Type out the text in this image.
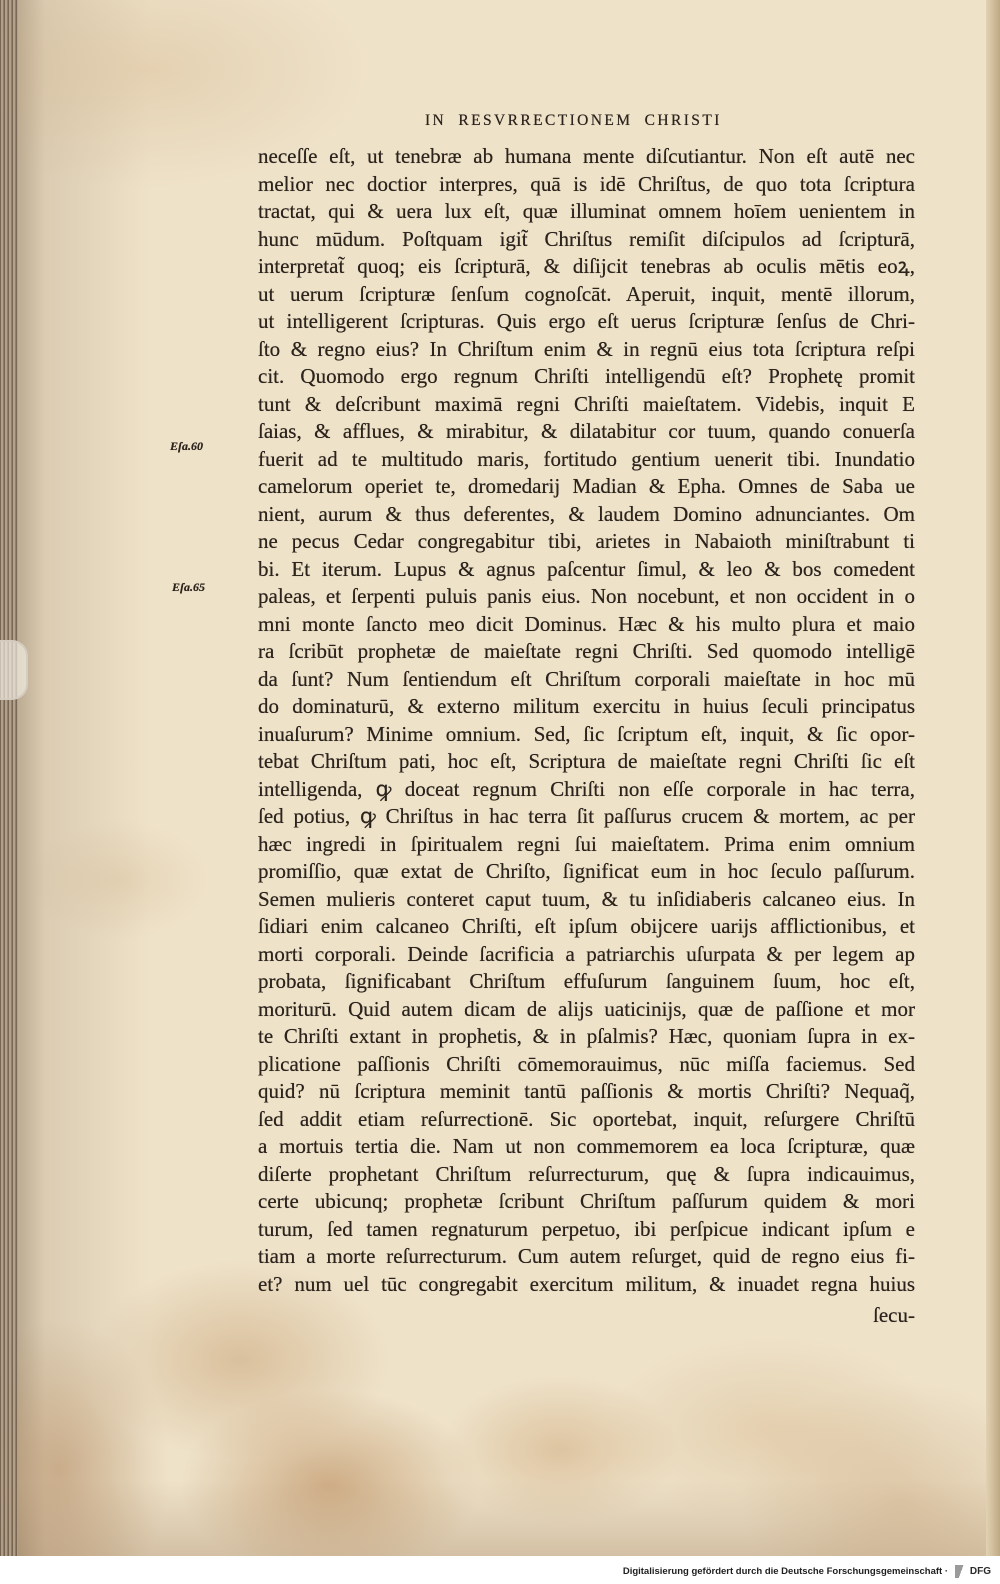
IN RESVRRECTIONEM CHRISTI
Eſa.60
Eſa.65
neceſſe eſt, ut tenebræ ab humana mente diſcutiantur. Non eſt autē nec
melior nec doctior interpres, quā is idē Chriſtus, de quo tota ſcriptura
tractat, qui & uera lux eſt, quæ illuminat omnem hoīem uenientem in
hunc mūdum. Poſtquam igit̃ Chriſtus remiſit diſcipulos ad ſcripturā,
interpretat̃ quoq; eis ſcripturā, & diſijcit tenebras ab oculis mētis eoꝝ,
ut uerum ſcripturæ ſenſum cognoſcāt. Aperuit, inquit, mentē illorum,
ut intelligerent ſcripturas. Quis ergo eſt uerus ſcripturæ ſenſus de Chri-
ſto & regno eius? In Chriſtum enim & in regnū eius tota ſcriptura reſpi
cit. Quomodo ergo regnum Chriſti intelligendū eſt? Prophetę promit
tunt & deſcribunt maximā regni Chriſti maieſtatem. Videbis, inquit E
ſaias, & afflues, & mirabitur, & dilatabitur cor tuum, quando conuerſa
fuerit ad te multitudo maris, fortitudo gentium uenerit tibi. Inundatio
camelorum operiet te, dromedarij Madian & Epha. Omnes de Saba ue
nient, aurum & thus deferentes, & laudem Domino adnunciantes. Om
ne pecus Cedar congregabitur tibi, arietes in Nabaioth miniſtrabunt ti
bi. Et iterum. Lupus & agnus paſcentur ſimul, & leo & bos comedent
paleas, et ſerpenti puluis panis eius. Non nocebunt, et non occident in o
mni monte ſancto meo dicit Dominus. Hæc & his multo plura et maio
ra ſcribūt prophetæ de maieſtate regni Chriſti. Sed quomodo intelligē
da ſunt? Num ſentiendum eſt Chriſtum corporali maieſtate in hoc mū
do dominaturū, & externo militum exercitu in huius ſeculi principatus
inuaſurum? Minime omnium. Sed, ſic ſcriptum eſt, inquit, & ſic opor-
tebat Chriſtum pati, hoc eſt, Scriptura de maieſtate regni Chriſti ſic eſt
intelligenda, ꝙ doceat regnum Chriſti non eſſe corporale in hac terra,
ſed potius, ꝙ Chriſtus in hac terra ſit paſſurus crucem & mortem, ac per
hæc ingredi in ſpiritualem regni ſui maieſtatem. Prima enim omnium
promiſſio, quæ extat de Chriſto, ſignificat eum in hoc ſeculo paſſurum.
Semen mulieris conteret caput tuum, & tu inſidiaberis calcaneo eius. In
ſidiari enim calcaneo Chriſti, eſt ipſum obijcere uarijs afflictionibus, et
morti corporali. Deinde ſacrificia a patriarchis uſurpata & per legem ap
probata, ſignificabant Chriſtum effuſurum ſanguinem ſuum, hoc eſt,
moriturū. Quid autem dicam de alijs uaticinijs, quæ de paſſione et mor
te Chriſti extant in prophetis, & in pſalmis? Hæc, quoniam ſupra in ex-
plicatione paſſionis Chriſti cōmemorauimus, nūc miſſa faciemus. Sed
quid? nū ſcriptura meminit tantū paſſionis & mortis Chriſti? Nequaq̃,
ſed addit etiam reſurrectionē. Sic oportebat, inquit, reſurgere Chriſtū
a mortuis tertia die. Nam ut non commemorem ea loca ſcripturæ, quæ
diſerte prophetant Chriſtum reſurrecturum, quę & ſupra indicauimus,
certe ubicunq; prophetæ ſcribunt Chriſtum paſſurum quidem & mori
turum, ſed tamen regnaturum perpetuo, ibi perſpicue indicant ipſum e
tiam a morte reſurrecturum. Cum autem reſurget, quid de regno eius fi-
et? num uel tūc congregabit exercitum militum, & inuadet regna huius
ſecu-
Digitalisierung gefördert durch die Deutsche Forschungsgemeinschaft ·	DFG
